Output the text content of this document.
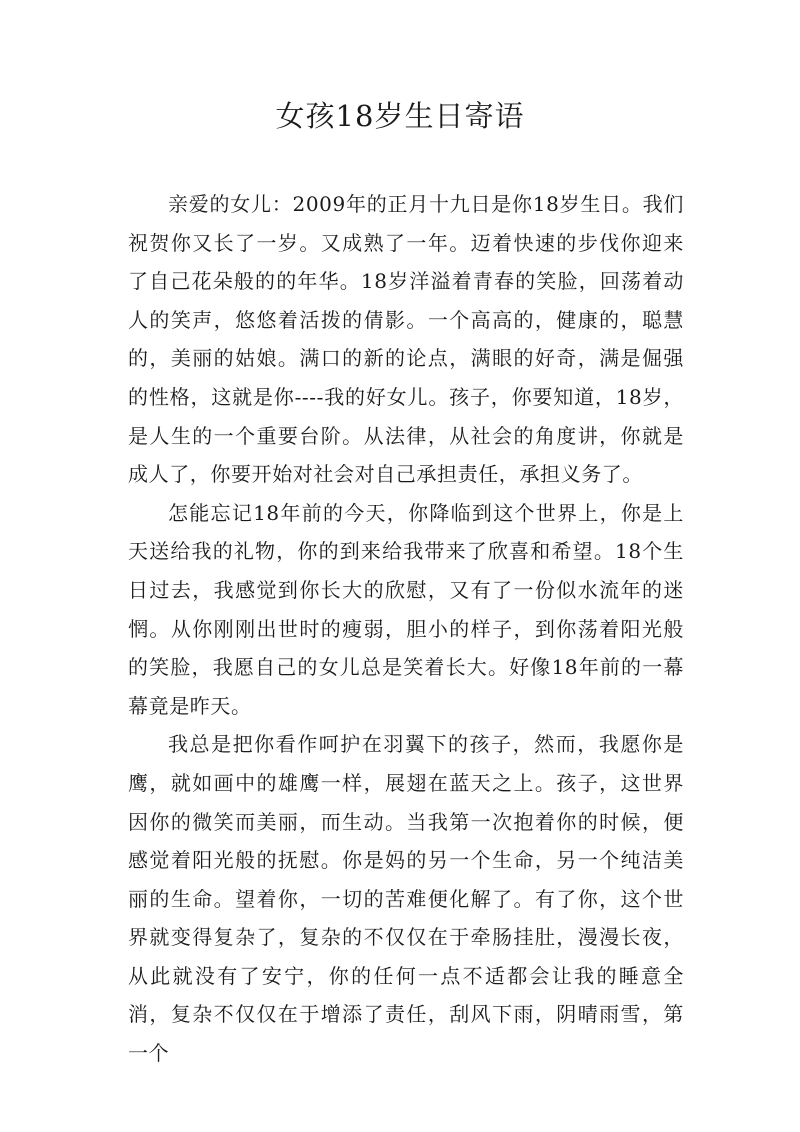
女孩18岁生日寄语

亲爱的女儿：2009年的正月十九日是你18岁生日。我们祝贺你又长了一岁。又成熟了一年。迈着快速的步伐你迎来了自己花朵般的的年华。18岁洋溢着青春的笑脸，回荡着动人的笑声，悠悠着活拨的倩影。一个高高的，健康的，聪慧的，美丽的姑娘。满口的新的论点，满眼的好奇，满是倔强的性格，这就是你----我的好女儿。孩子，你要知道，18岁，是人生的一个重要台阶。从法律，从社会的角度讲，你就是成人了，你要开始对社会对自己承担责任，承担义务了。

怎能忘记18年前的今天，你降临到这个世界上，你是上天送给我的礼物，你的到来给我带来了欣喜和希望。18个生日过去，我感觉到你长大的欣慰，又有了一份似水流年的迷惘。从你刚刚出世时的瘦弱，胆小的样子，到你荡着阳光般的笑脸，我愿自己的女儿总是笑着长大。好像18年前的一幕幕竟是昨天。

我总是把你看作呵护在羽翼下的孩子，然而，我愿你是鹰，就如画中的雄鹰一样，展翅在蓝天之上。孩子，这世界因你的微笑而美丽，而生动。当我第一次抱着你的时候，便感觉着阳光般的抚慰。你是妈的另一个生命，另一个纯洁美丽的生命。望着你，一切的苦难便化解了。有了你，这个世界就变得复杂了，复杂的不仅仅在于牵肠挂肚，漫漫长夜，从此就没有了安宁，你的任何一点不适都会让我的睡意全消，复杂不仅仅在于增添了责任，刮风下雨，阴晴雨雪，第一个
